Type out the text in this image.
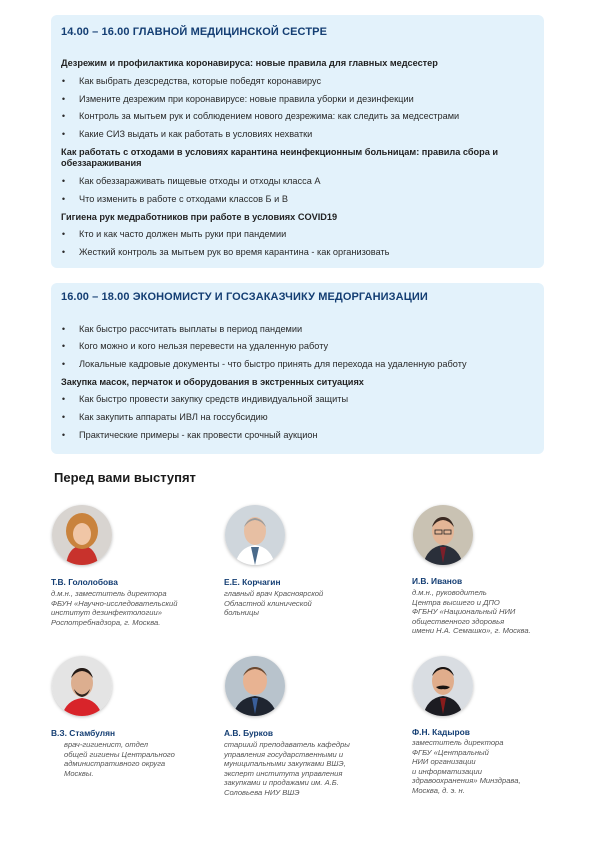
14.00 – 16.00 ГЛАВНОЙ МЕДИЦИНСКОЙ СЕСТРЕ
Дезрежим и профилактика коронавируса: новые правила для главных медсестер
• Как выбрать дезсредства, которые победят коронавирус
• Измените дезрежим при коронавирусе: новые правила уборки и дезинфекции
• Контроль за мытьем рук и соблюдением нового дезрежима: как следить за медсестрами
• Какие СИЗ выдать и как работать в условиях нехватки
Как работать с отходами в условиях карантина неинфекционным больницам: правила сбора и обеззараживания
• Как обеззараживать пищевые отходы и отходы класса А
• Что изменить в работе с отходами классов Б и В
Гигиена рук медработников при работе в условиях COVID19
• Кто и как часто должен мыть руки при пандемии
• Жесткий контроль за мытьем рук во время карантина - как организовать
16.00 – 18.00 ЭКОНОМИСТУ И ГОСЗАКАЗЧИКУ МЕДОРГАНИЗАЦИИ
• Как быстро рассчитать выплаты в период пандемии
• Кого можно и кого нельзя перевести на удаленную работу
• Локальные кадровые документы - что быстро принять для перехода на удаленную работу
Закупка масок, перчаток и оборудования в экстренных ситуациях
• Как быстро провести закупку средств индивидуальной защиты
• Как закупить аппараты ИВЛ на госсубсидию
• Практические примеры - как провести срочный аукцион
Перед вами выступят
Т.В. Гололобова
д.м.н., заместитель директора
ФБУН «Научно-исследовательский
институт дезинфектологии»
Роспотребнадзора, г. Москва.
Е.Е. Корчагин
главный врач Красноярской
Областной клинической
больницы
И.В. Иванов
д.м.н., руководитель
Центра высшего и ДПО
ФГБНУ «Национальный НИИ
общественного здоровья
имени Н.А. Семашко», г. Москва.
В.З. Стамбулян
врач-гигиенист, отдел
общей гигиены Центрального
административного округа
Москвы.
А.В. Бурков
старший преподаватель кафедры
управления государственными и
муниципальными закупками ВШЭ,
эксперт института управления
закупками и продажами им. А.Б.
Соловьева НИУ ВШЭ
Ф.Н. Кадыров
заместитель директора
ФГБУ «Центральный
НИИ организации
и информатизации
здравоохранения» Минздрава,
Москва, д. э. н.
